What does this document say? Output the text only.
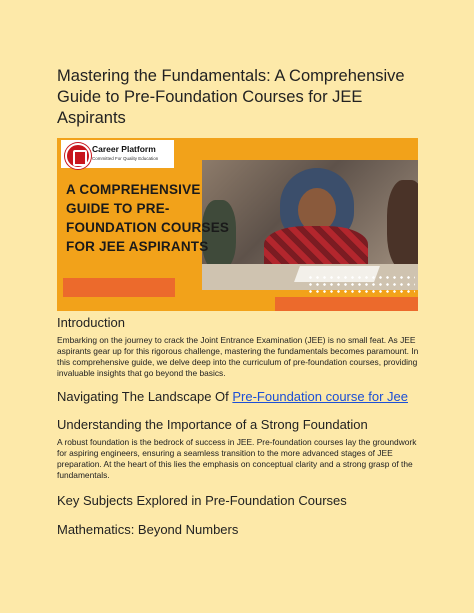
Mastering the Fundamentals: A Comprehensive Guide to Pre-Foundation Courses for JEE Aspirants
Career Platform
Committed For Quality Education
A COMPREHENSIVE GUIDE TO PRE-FOUNDATION COURSES FOR JEE ASPIRANTS
Introduction

Embarking on the journey to crack the Joint Entrance Examination (JEE) is no small feat. As JEE aspirants gear up for this rigorous challenge, mastering the fundamentals becomes paramount. In this comprehensive guide, we delve deep into the curriculum of pre-foundation courses, providing invaluable insights that go beyond the basics.

Navigating The Landscape Of Pre-Foundation course for Jee
Understanding the Importance of a Strong Foundation

A robust foundation is the bedrock of success in JEE. Pre-foundation courses lay the groundwork for aspiring engineers, ensuring a seamless transition to the more advanced stages of JEE preparation. At the heart of this lies the emphasis on conceptual clarity and a strong grasp of the fundamentals.

Key Subjects Explored in Pre-Foundation Courses
Mathematics: Beyond Numbers
